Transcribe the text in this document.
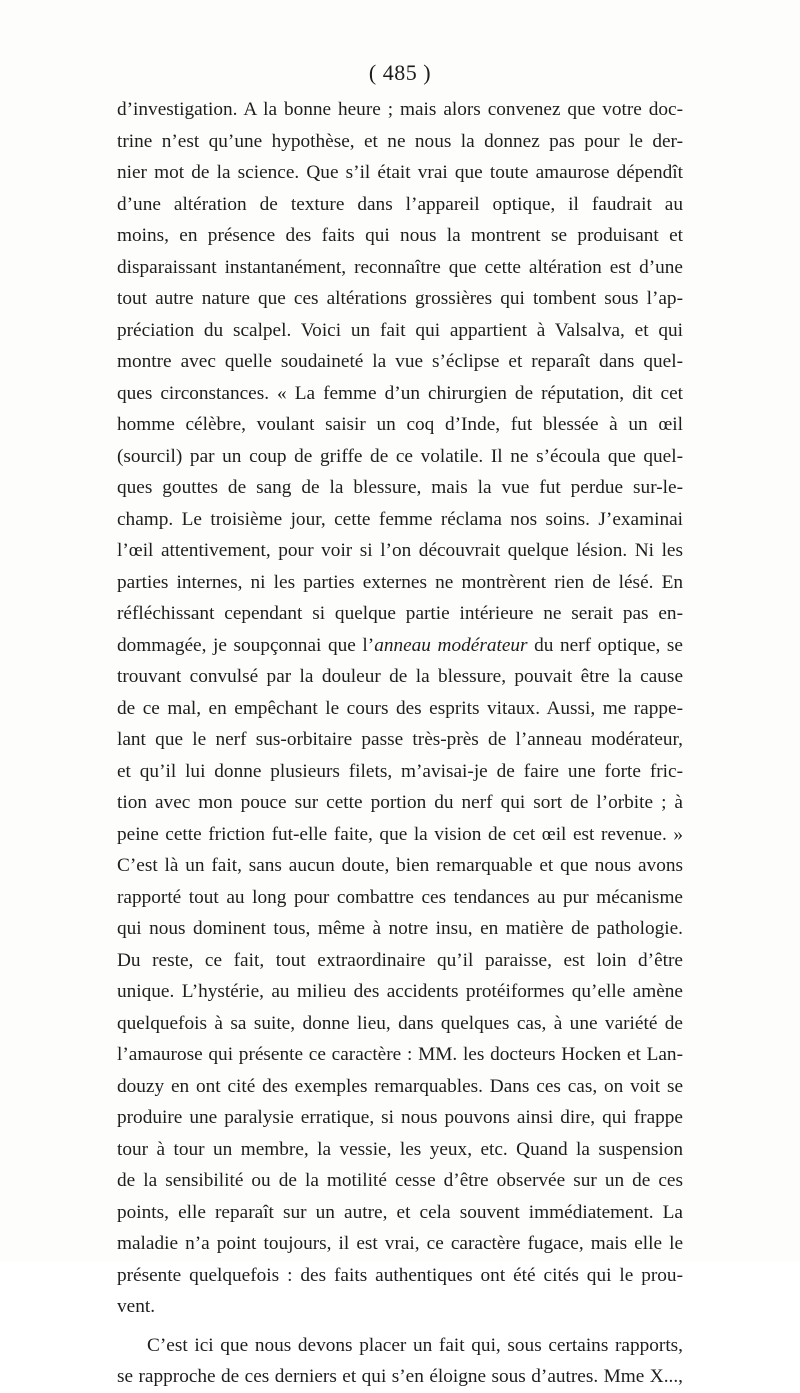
( 485 )
d’investigation. A la bonne heure ; mais alors convenez que votre doc-
trine n’est qu’une hypothèse, et ne nous la donnez pas pour le der-
nier mot de la science. Que s’il était vrai que toute amaurose dépendît
d’une altération de texture dans l’appareil optique, il faudrait au
moins, en présence des faits qui nous la montrent se produisant et
disparaissant instantanément, reconnaître que cette altération est d’une
tout autre nature que ces altérations grossières qui tombent sous l’ap-
préciation du scalpel. Voici un fait qui appartient à Valsalva, et qui
montre avec quelle soudaineté la vue s’éclipse et reparaît dans quel-
ques circonstances. « La femme d’un chirurgien de réputation, dit cet
homme célèbre, voulant saisir un coq d’Inde, fut blessée à un œil
(sourcil) par un coup de griffe de ce volatile. Il ne s’écoula que quel-
ques gouttes de sang de la blessure, mais la vue fut perdue sur-le-
champ. Le troisième jour, cette femme réclama nos soins. J’examinai
l’œil attentivement, pour voir si l’on découvrait quelque lésion. Ni les
parties internes, ni les parties externes ne montrèrent rien de lésé. En
réfléchissant cependant si quelque partie intérieure ne serait pas en-
dommagée, je soupçonnai que l’anneau modérateur du nerf optique, se
trouvant convulsé par la douleur de la blessure, pouvait être la cause
de ce mal, en empêchant le cours des esprits vitaux. Aussi, me rappe-
lant que le nerf sus-orbitaire passe très-près de l’anneau modérateur,
et qu’il lui donne plusieurs filets, m’avisai-je de faire une forte fric-
tion avec mon pouce sur cette portion du nerf qui sort de l’orbite ; à
peine cette friction fut-elle faite, que la vision de cet œil est revenue. »
C’est là un fait, sans aucun doute, bien remarquable et que nous avons
rapporté tout au long pour combattre ces tendances au pur mécanisme
qui nous dominent tous, même à notre insu, en matière de pathologie.
Du reste, ce fait, tout extraordinaire qu’il paraisse, est loin d’être
unique. L’hystérie, au milieu des accidents protéiformes qu’elle amène
quelquefois à sa suite, donne lieu, dans quelques cas, à une variété de
l’amaurose qui présente ce caractère : MM. les docteurs Hocken et Lan-
douzy en ont cité des exemples remarquables. Dans ces cas, on voit se
produire une paralysie erratique, si nous pouvons ainsi dire, qui frappe
tour à tour un membre, la vessie, les yeux, etc. Quand la suspension
de la sensibilité ou de la motilité cesse d’être observée sur un de ces
points, elle reparaît sur un autre, et cela souvent immédiatement. La
maladie n’a point toujours, il est vrai, ce caractère fugace, mais elle le
présente quelquefois : des faits authentiques ont été cités qui le prou-
vent.
C’est ici que nous devons placer un fait qui, sous certains rapports,
se rapproche de ces derniers et qui s’en éloigne sous d’autres. Mme X...,
